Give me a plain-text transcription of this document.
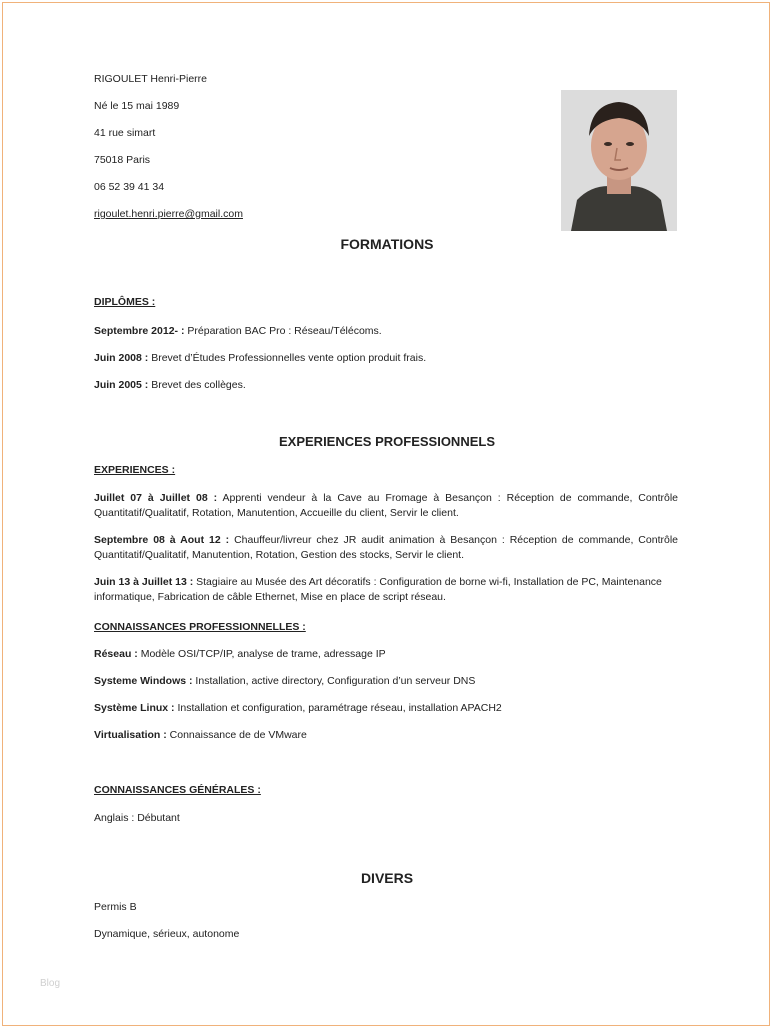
RIGOULET Henri-Pierre
Né le 15 mai 1989
41 rue simart
75018 Paris
06 52 39 41 34
rigoulet.henri.pierre@gmail.com
FORMATIONS
DIPLÔMES :
Septembre 2012- : Préparation BAC Pro : Réseau/Télécoms.
Juin 2008 : Brevet d’Études Professionnelles vente option produit frais.
Juin 2005 : Brevet des collèges.
EXPERIENCES PROFESSIONNELS
EXPERIENCES :
Juillet 07 à Juillet 08 : Apprenti vendeur à la Cave au Fromage à Besançon : Réception de commande, Contrôle Quantitatif/Qualitatif, Rotation, Manutention, Accueille du client, Servir le client.
Septembre 08 à Aout 12 : Chauffeur/livreur chez JR audit animation à Besançon : Réception de commande, Contrôle Quantitatif/Qualitatif, Manutention, Rotation, Gestion des stocks, Servir le client.
Juin 13 à Juillet 13 : Stagiaire au Musée des Art décoratifs : Configuration de borne wi-fi, Installation de PC, Maintenance informatique, Fabrication de câble Ethernet, Mise en place de script réseau.
CONNAISSANCES PROFESSIONNELLES :
Réseau : Modèle OSI/TCP/IP, analyse de trame, adressage IP
Systeme Windows : Installation, active directory, Configuration d’un serveur DNS
Système Linux : Installation et configuration, paramétrage réseau, installation APACH2
Virtualisation : Connaissance de de VMware
CONNAISSANCES GÉNÉRALES :
Anglais : Débutant
DIVERS
Permis B
Dynamique, sérieux, autonome
Blog
